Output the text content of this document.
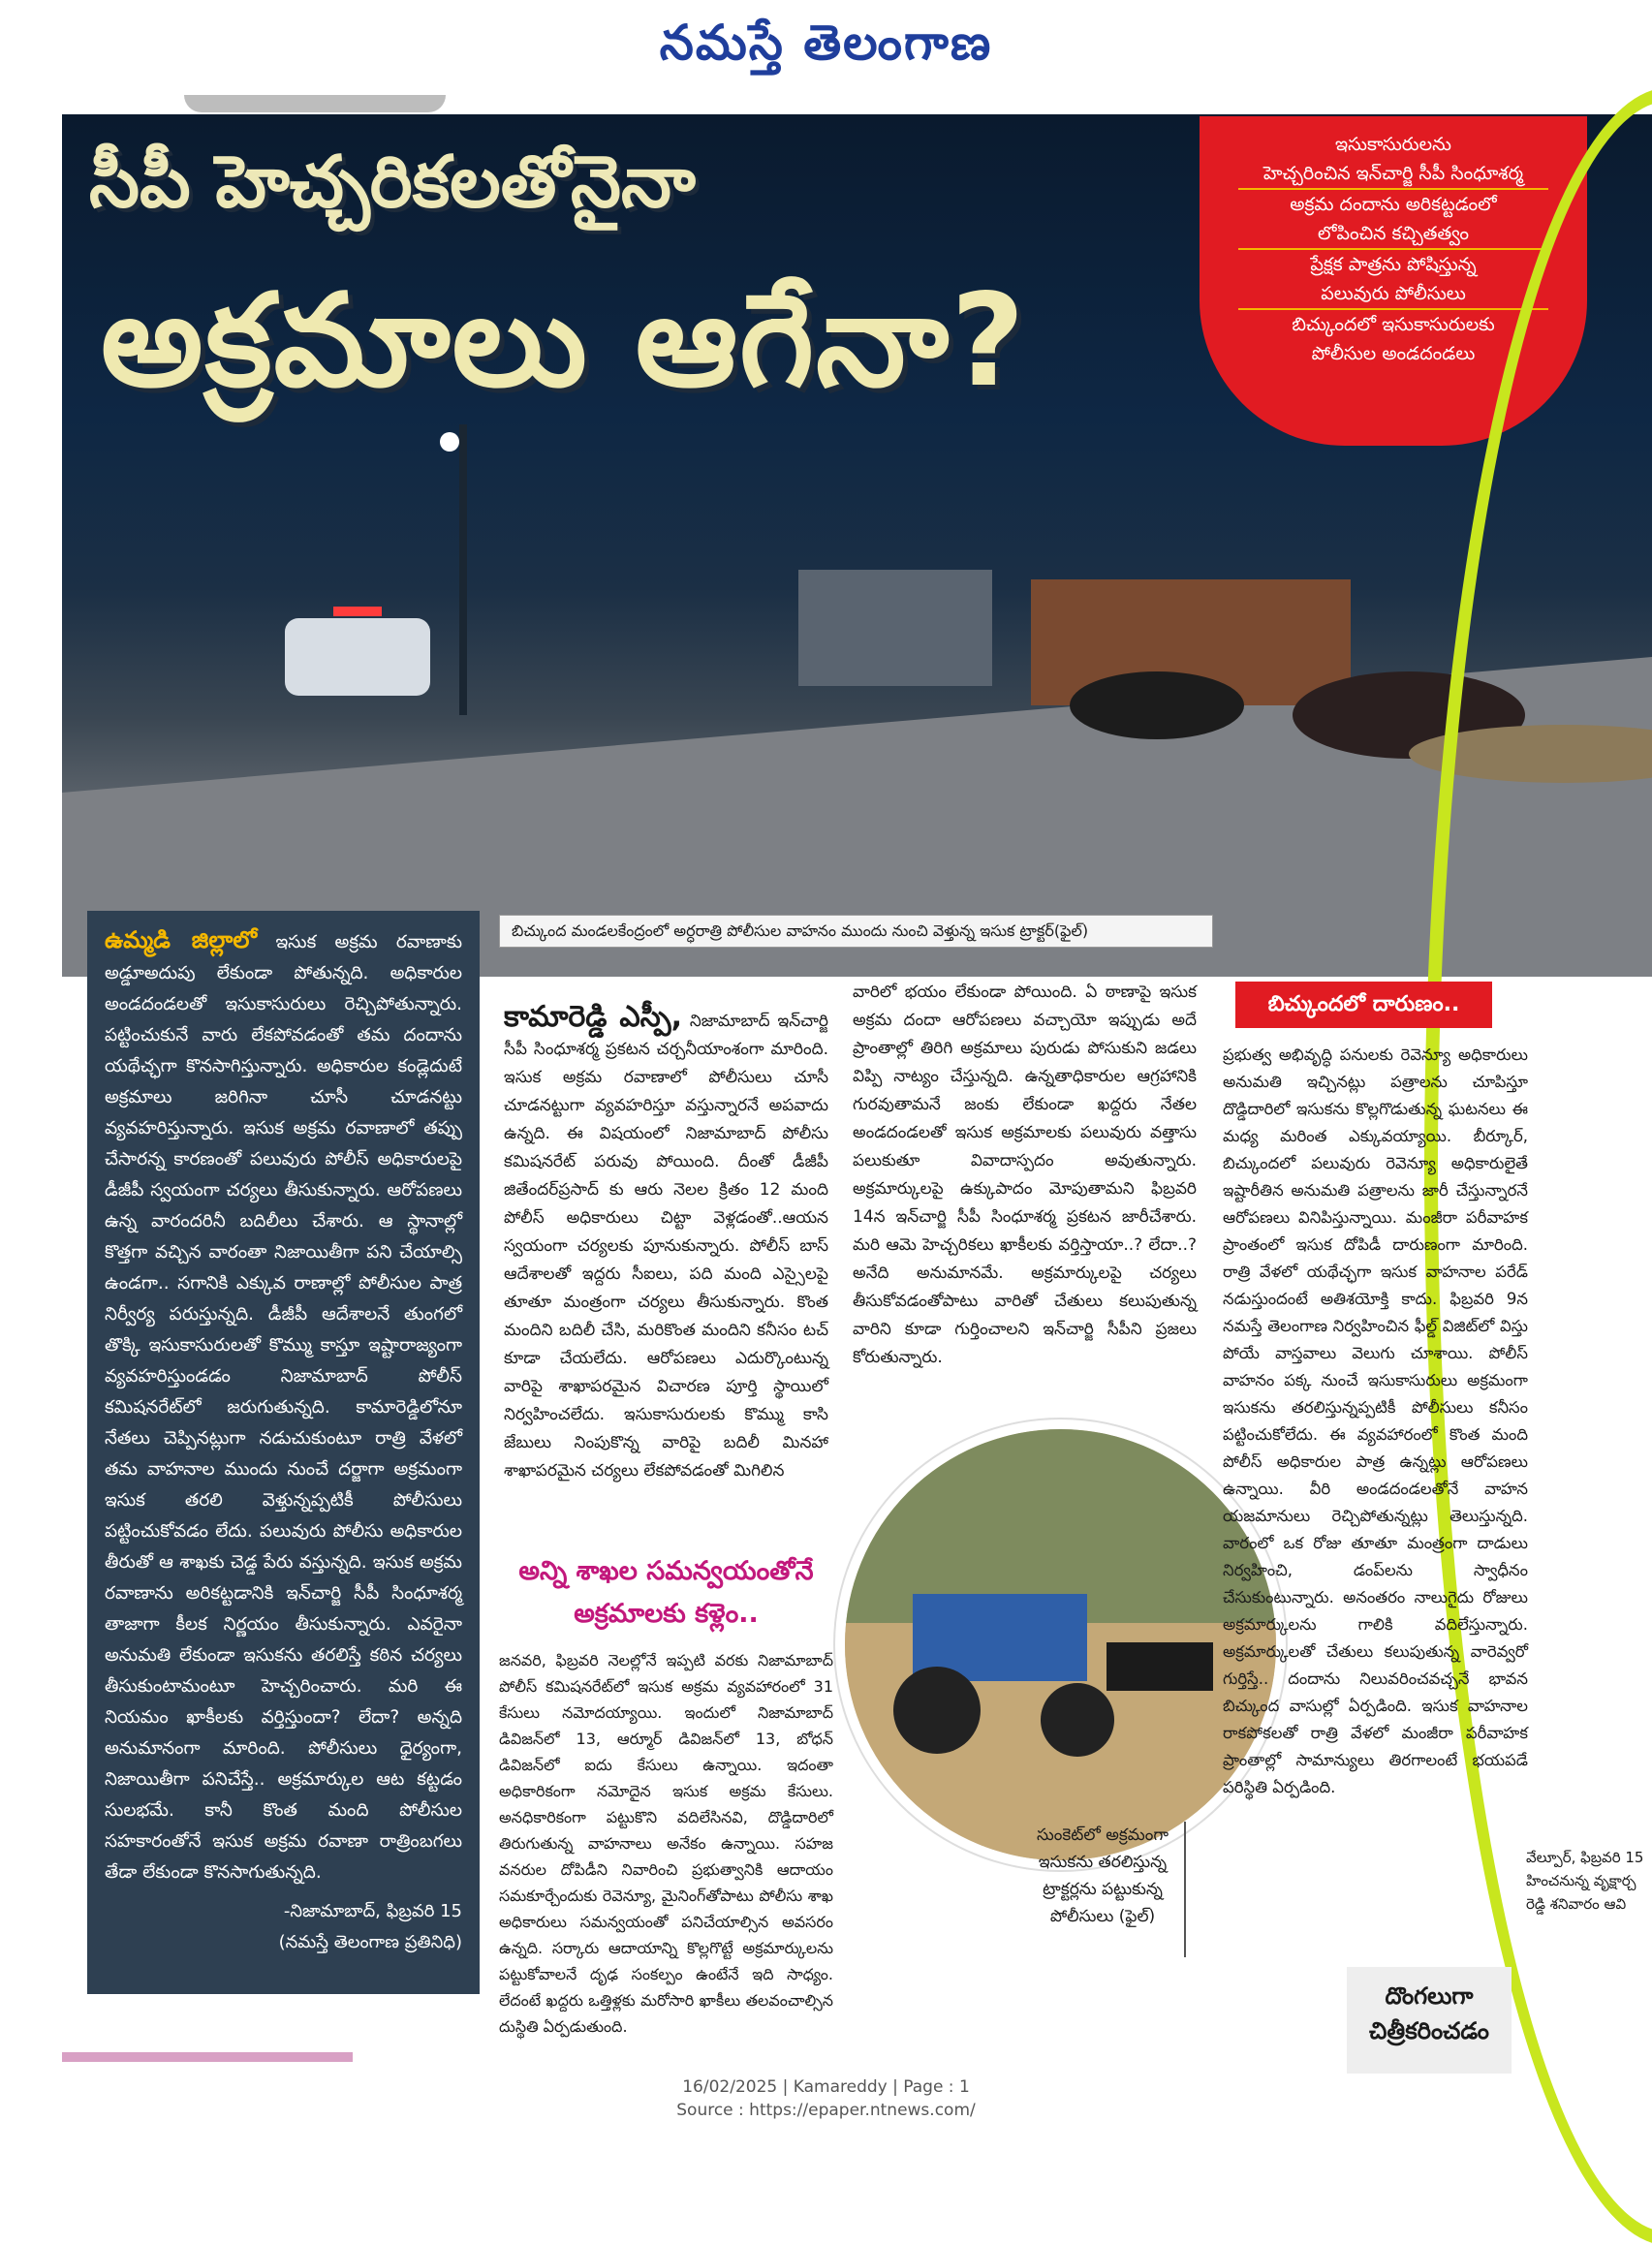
నమస్తే తెలంగాణ
సీపీ హెచ్చరికలతోనైనా
అక్రమాలు ఆగేనా?
ఇసుకాసురులను
హెచ్చరించిన ఇన్‌చార్జి సీపీ సింధూశర్మ
అక్రమ దందాను అరికట్టడంలో
లోపించిన కచ్చితత్వం
ప్రేక్షక పాత్రను పోషిస్తున్న
పలువురు పోలీసులు
బిచ్కుందలో ఇసుకాసురులకు
పోలీసుల అండదండలు
బిచ్కుంద మండలకేంద్రంలో అర్ధరాత్రి పోలీసుల వాహనం ముందు నుంచి వెళ్తున్న ఇసుక ట్రాక్టర్(ఫైల్)

ఉమ్మడి జిల్లాలో ఇసుక అక్రమ రవాణాకు అడ్డూఅదుపు లేకుండా పోతున్నది. అధికారుల అండదండలతో ఇసుకాసురులు రెచ్చిపోతున్నారు. పట్టించుకునే వారు లేకపోవడంతో తమ దందాను యథేచ్ఛగా కొనసాగిస్తున్నారు. అధికారుల కండ్లెదుటే అక్రమాలు జరిగినా చూసీ చూడనట్టు వ్యవహరిస్తున్నారు. ఇసుక అక్రమ రవాణాలో తప్పు చేసారన్న కారణంతో పలువురు పోలీస్ అధికారులపై డీజీపీ స్వయంగా చర్యలు తీసుకున్నారు. ఆరోపణలు ఉన్న వారందరినీ బదిలీలు చేశారు. ఆ స్థానాల్లో కొత్తగా వచ్చిన వారంతా నిజాయితీగా పని చేయాల్సి ఉండగా.. సగానికి ఎక్కువ రాణాల్లో పోలీసుల పాత్ర నిర్వీర్య పరుస్తున్నది. డీజీపీ ఆదేశాలనే తుంగలో తొక్కి ఇసుకాసురులతో కొమ్ము కాస్తూ ఇష్టారాజ్యంగా వ్యవహరిస్తుండడం నిజామాబాద్ పోలీస్ కమిషనరేట్‌లో జరుగుతున్నది. కామారెడ్డిలోనూ నేతలు చెప్పినట్లుగా నడుచుకుంటూ రాత్రి వేళలో తమ వాహనాల ముందు నుంచే దర్జాగా అక్రమంగా ఇసుక తరలి వెళ్తున్నప్పటికీ పోలీసులు పట్టించుకోవడం లేదు. పలువురు పోలీసు అధికారుల తీరుతో ఆ శాఖకు చెడ్డ పేరు వస్తున్నది. ఇసుక అక్రమ రవాణాను అరికట్టడానికి ఇన్‌చార్జి సీపీ సింధూశర్మ తాజాగా కీలక నిర్ణయం తీసుకున్నారు. ఎవరైనా అనుమతి లేకుండా ఇసుకను తరలిస్తే కఠిన చర్యలు తీసుకుంటామంటూ హెచ్చరించారు. మరి ఈ నియమం ఖాకీలకు వర్తిస్తుందా? లేదా? అన్నది అనుమానంగా మారింది. పోలీసులు ధైర్యంగా, నిజాయితీగా పనిచేస్తే.. అక్రమార్కుల ఆట కట్టడం సులభమే. కానీ కొంత మంది పోలీసుల సహకారంతోనే ఇసుక అక్రమ రవాణా రాత్రింబగలు తేడా లేకుండా కొనసాగుతున్నది.

-నిజామాబాద్, ఫిబ్రవరి 15

(నమస్తే తెలంగాణ ప్రతినిధి)

కామారెడ్డి ఎస్పీ, నిజామాబాద్ ఇన్‌చార్జి సీపీ సింధూశర్మ ప్రకటన చర్చనీయాంశంగా మారింది. ఇసుక అక్రమ రవాణాలో పోలీసులు చూసీ చూడనట్టుగా వ్యవహరిస్తూ వస్తున్నారనే అపవాదు ఉన్నది. ఈ విషయంలో నిజామాబాద్ పోలీసు కమిషనరేట్ పరువు పోయింది. దీంతో డీజీపీ జితేందర్‌ప్రసాద్ కు ఆరు నెలల క్రితం 12 మంది పోలీస్ అధికారులు చిట్టా వెళ్లడంతో..ఆయన స్వయంగా చర్యలకు పూనుకున్నారు. పోలీస్ బాస్ ఆదేశాలతో ఇద్దరు సీఐలు, పది మంది ఎస్సైలపై తూతూ మంత్రంగా చర్యలు తీసుకున్నారు. కొంత మందిని బదిలీ చేసి, మరికొంత మందిని కనీసం టచ్ కూడా చేయలేదు. ఆరోపణలు ఎదుర్కొంటున్న వారిపై శాఖాపరమైన విచారణ పూర్తి స్థాయిలో నిర్వహించలేదు. ఇసుకాసురులకు కొమ్ము కాసి జేబులు నింపుకొన్న వారిపై బదిలీ మినహా శాఖాపరమైన చర్యలు లేకపోవడంతో మిగిలిన

వారిలో భయం లేకుండా పోయింది. ఏ ఠాణాపై ఇసుక అక్రమ దందా ఆరోపణలు వచ్చాయో ఇప్పుడు అదే ప్రాంతాల్లో తిరిగి అక్రమాలు పురుడు పోసుకుని జడలు విప్పి నాట్యం చేస్తున్నది. ఉన్నతాధికారుల ఆగ్రహానికి గురవుతామనే జంకు లేకుండా ఖద్దరు నేతల అండదండలతో ఇసుక అక్రమాలకు పలువురు వత్తాసు పలుకుతూ వివాదాస్పదం అవుతున్నారు. అక్రమార్కులపై ఉక్కుపాదం మోపుతామని ఫిబ్రవరి 14న ఇన్‌చార్జి సీపీ సింధూశర్మ ప్రకటన జారీచేశారు. మరి ఆమె హెచ్చరికలు ఖాకీలకు వర్తిస్తాయా..? లేదా..? అనేది అనుమానమే. అక్రమార్కులపై చర్యలు తీసుకోవడంతోపాటు వారితో చేతులు కలుపుతున్న వారిని కూడా గుర్తించాలని ఇన్‌చార్జి సీపీని ప్రజలు కోరుతున్నారు.

అన్ని శాఖల సమన్వయంతోనే
అక్రమాలకు కళ్లెం..

జనవరి, ఫిబ్రవరి నెలల్లోనే ఇప్పటి వరకు నిజామాబాద్ పోలీస్ కమిషనరేట్‌లో ఇసుక అక్రమ వ్యవహారంలో 31 కేసులు నమోదయ్యాయి. ఇందులో నిజామాబాద్ డివిజన్‌లో 13, ఆర్మూర్ డివిజన్‌లో 13, బోధన్ డివిజన్‌లో ఐదు కేసులు ఉన్నాయి. ఇదంతా అధికారికంగా నమోదైన ఇసుక అక్రమ కేసులు. అనధికారికంగా పట్టుకొని వదిలేసినవి, దొడ్డిదారిలో తిరుగుతున్న వాహనాలు అనేకం ఉన్నాయి. సహజ వనరుల దోపిడీని నివారించి ప్రభుత్వానికి ఆదాయం సమకూర్చేందుకు రెవెన్యూ, మైనింగ్‌తోపాటు పోలీసు శాఖ అధికారులు సమన్వయంతో పనిచేయాల్సిన అవసరం ఉన్నది. సర్కారు ఆదాయాన్ని కొల్లగొట్టే అక్రమార్కులను పట్టుకోవాలనే దృఢ సంకల్పం ఉంటేనే ఇది సాధ్యం. లేదంటే ఖద్దరు ఒత్తిళ్లకు మరోసారి ఖాకీలు తలవంచాల్సిన దుస్థితి ఏర్పడుతుంది.

సుంకెట్‌లో అక్రమంగా ఇసుకను తరలిస్తున్న ట్రాక్టర్లను పట్టుకున్న పోలీసులు (ఫైల్)
బిచ్కుందలో దారుణం..

ప్రభుత్వ అభివృద్ధి పనులకు రెవెన్యూ అధికారులు అనుమతి ఇచ్చినట్లు పత్రాలను చూపిస్తూ దొడ్డిదారిలో ఇసుకను కొల్లగొడుతున్న ఘటనలు ఈ మధ్య మరింత ఎక్కువయ్యాయి. బీర్కూర్, బిచ్కుందలో పలువురు రెవెన్యూ అధికారులైతే ఇష్టారీతిన అనుమతి పత్రాలను జారీ చేస్తున్నారనే ఆరోపణలు వినిపిస్తున్నాయి. మంజీరా పరీవాహక ప్రాంతంలో ఇసుక దోపిడీ దారుణంగా మారింది. రాత్రి వేళలో యథేచ్ఛగా ఇసుక వాహనాల పరేడ్ నడుస్తుందంటే అతిశయోక్తి కాదు. ఫిబ్రవరి 9న నమస్తే తెలంగాణ నిర్వహించిన ఫీల్డ్ విజిట్‌లో విస్తు పోయే వాస్తవాలు వెలుగు చూశాయి. పోలీస్ వాహనం పక్క నుంచే ఇసుకాసురులు అక్రమంగా ఇసుకను తరలిస్తున్నప్పటికీ పోలీసులు కనీసం పట్టించుకోలేదు. ఈ వ్యవహారంలో కొంత మంది పోలీస్ అధికారుల పాత్ర ఉన్నట్లు ఆరోపణలు ఉన్నాయి. వీరి అండదండలతోనే వాహన యజమానులు రెచ్చిపోతున్నట్లు తెలుస్తున్నది. వారంలో ఒక రోజు తూతూ మంత్రంగా దాడులు నిర్వహించి, డంప్‌లను స్వాధీనం చేసుకుంటున్నారు. అనంతరం నాలుగైదు రోజులు అక్రమార్కులను గాలికి వదిలేస్తున్నారు. అక్రమార్కులతో చేతులు కలుపుతున్న వారెవ్వరో గుర్తిస్తే.. దందాను నిలువరించవచ్చనే భావన బిచ్కుంద వాసుల్లో ఏర్పడింది. ఇసుక వాహనాల రాకపోకలతో రాత్రి వేళలో మంజీరా పరీవాహక ప్రాంతాల్లో సామాన్యులు తిరగాలంటే భయపడే పరిస్థితి ఏర్పడింది.

వేల్పూర్, ఫిబ్రవరి 15 హించనున్న వృక్షార్చ రెడ్డి శనివారం ఆవి

దొంగలుగా

చిత్రీకరించడం

16/02/2025 | Kamareddy | Page : 1
Source : https://epaper.ntnews.com/
